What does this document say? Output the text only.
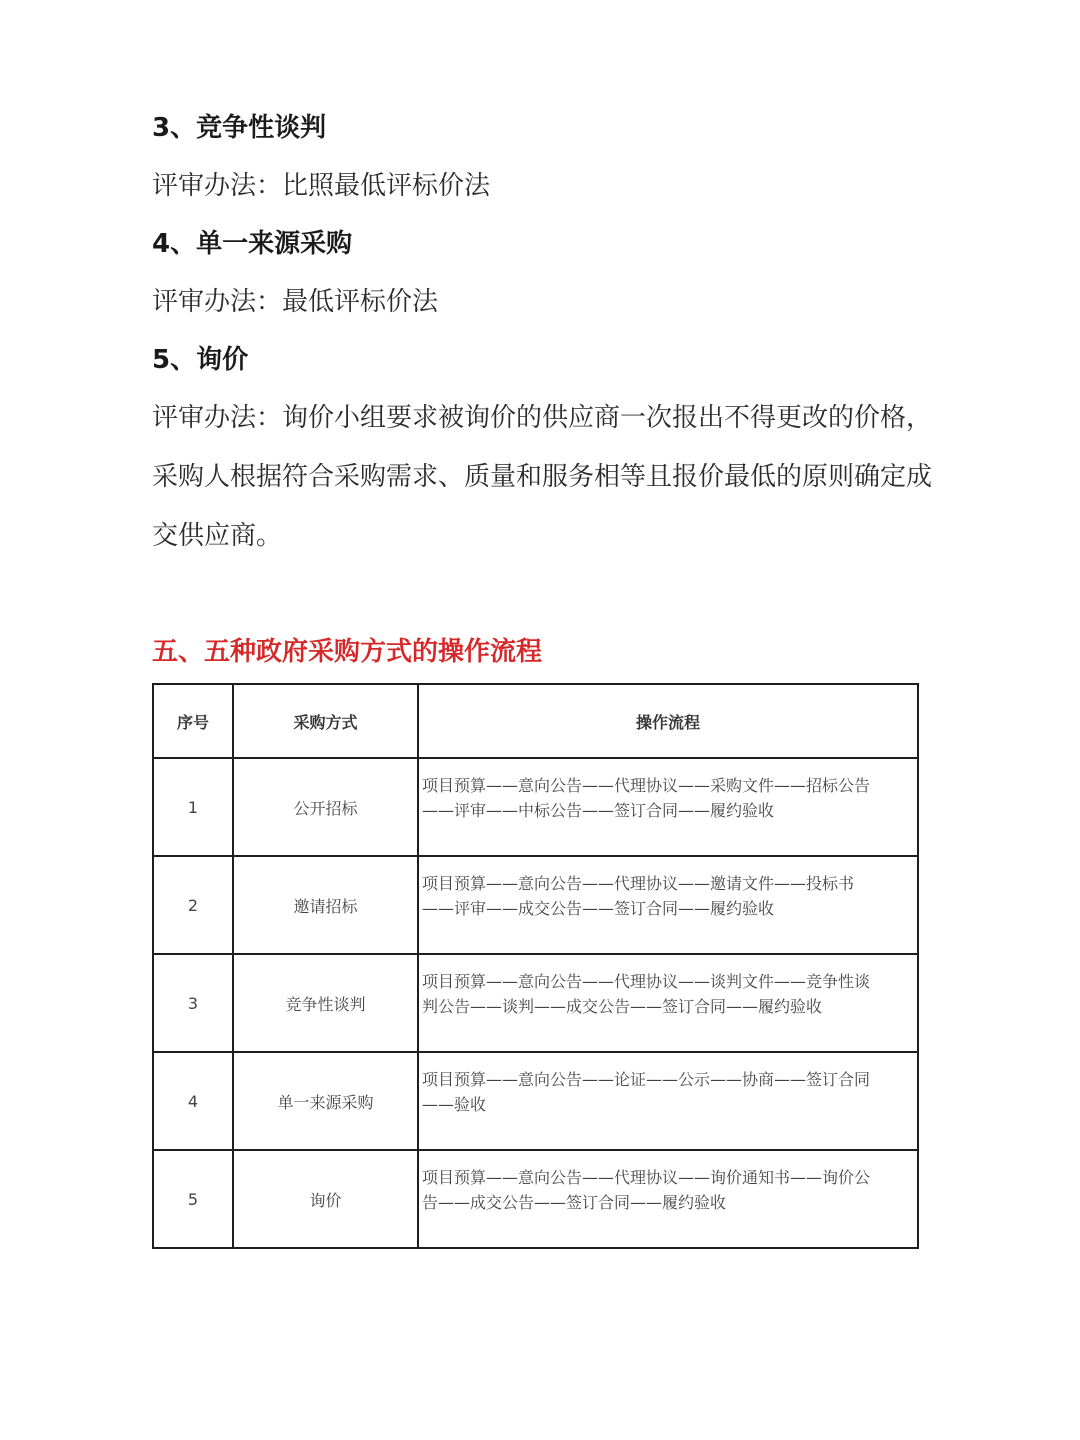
3、竞争性谈判
评审办法：比照最低评标价法
4、单一来源采购
评审办法：最低评标价法
5、询价
评审办法：询价小组要求被询价的供应商一次报出不得更改的价格，
采购人根据符合采购需求、质量和服务相等且报价最低的原则确定成
交供应商。
五、五种政府采购方式的操作流程
序号	采购方式	操作流程
1	公开招标	项目预算——意向公告——代理协议——采购文件——招标公告
——评审——中标公告——签订合同——履约验收

2	邀请招标	项目预算——意向公告——代理协议——邀请文件——投标书
——评审——成交公告——签订合同——履约验收

3	竞争性谈判	项目预算——意向公告——代理协议——谈判文件——竞争性谈
判公告——谈判——成交公告——签订合同——履约验收

4	单一来源采购	项目预算——意向公告——论证——公示——协商——签订合同
——验收

5	询价	项目预算——意向公告——代理协议——询价通知书——询价公
告——成交公告——签订合同——履约验收
